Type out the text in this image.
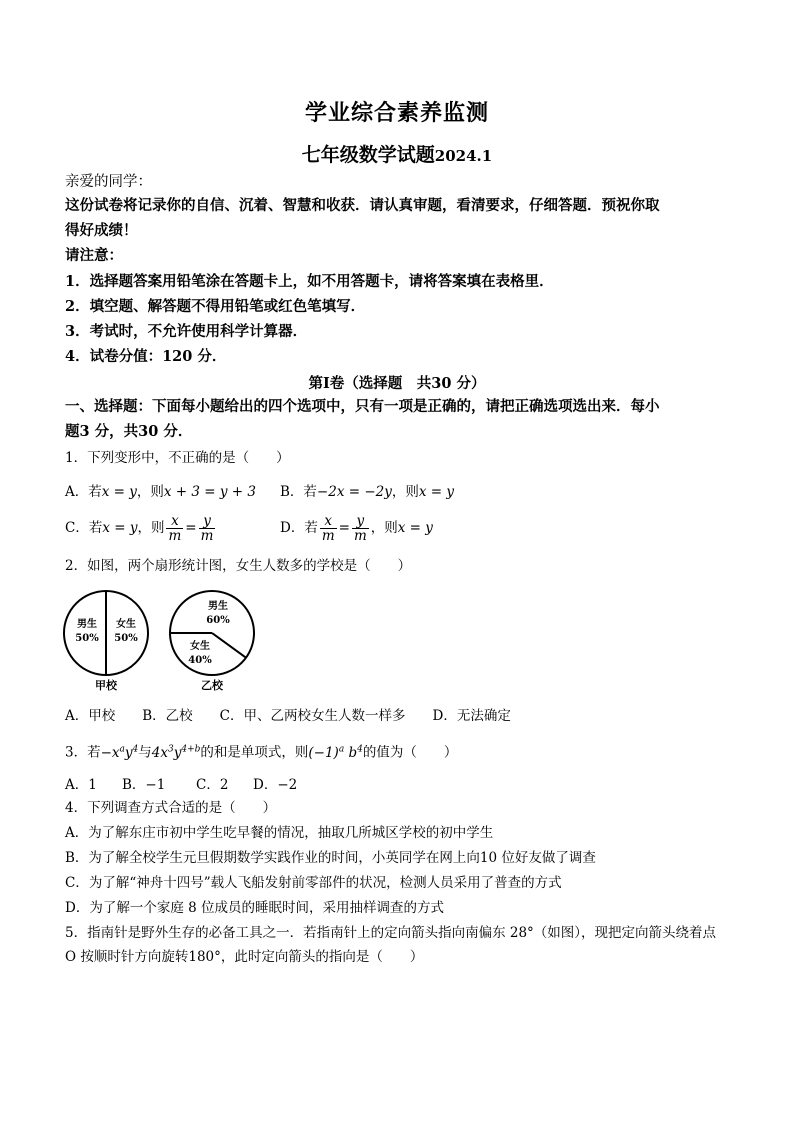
学业综合素养监测
七年级数学试题2024.1
亲爱的同学：
这份试卷将记录你的自信、沉着、智慧和收获．请认真审题，看清要求，仔细答题．预祝你取
得好成绩！
请注意：
1．选择题答案用铅笔涂在答题卡上，如不用答题卡，请将答案填在表格里．
2．填空题、解答题不得用铅笔或红色笔填写．
3．考试时，不允许使用科学计算器．
4．试卷分值：120 分．
第Ⅰ卷（选择题　共30 分）
一、选择题：下面每小题给出的四个选项中，只有一项是正确的，请把正确选项选出来．每小
题3 分，共30 分．
1．下列变形中，不正确的是（　　）
A．若x = y，则x + 3 = y + 3 B．若−2x = −2y，则x = y
C．若x = y，则 $\frac{x}{m} = \frac{y}{m}$	D．若 $\frac{x}{m} = \frac{y}{m}$ ，则x = y
2．如图，两个扇形统计图，女生人数多的学校是（　　）
男生
50%
女生
50%
甲校
男生
60%
女生
40%
乙校
A．甲校　　B．乙校　　C．甲、乙两校女生人数一样多　　D．无法确定
3．若$-x^ay^4$与$4x^3y^{4+b}$的和是单项式，则$(-1)^a$ $b^4$的值为（　　）
A．1 B．−1 C．2 D．−2
4．下列调查方式合适的是（　　）
A．为了解东庄市初中学生吃早餐的情况，抽取几所城区学校的初中学生
B．为了解全校学生元旦假期数学实践作业的时间，小英同学在网上向10 位好友做了调查
C．为了解“神舟十四号”载人飞船发射前零部件的状况，检测人员采用了普查的方式
D．为了解一个家庭 8 位成员的睡眠时间，采用抽样调查的方式
5．指南针是野外生存的必备工具之一．若指南针上的定向箭头指向南偏东 28°（如图），现把定向箭头绕着点
O 按顺时针方向旋转180°，此时定向箭头的指向是（　　）
